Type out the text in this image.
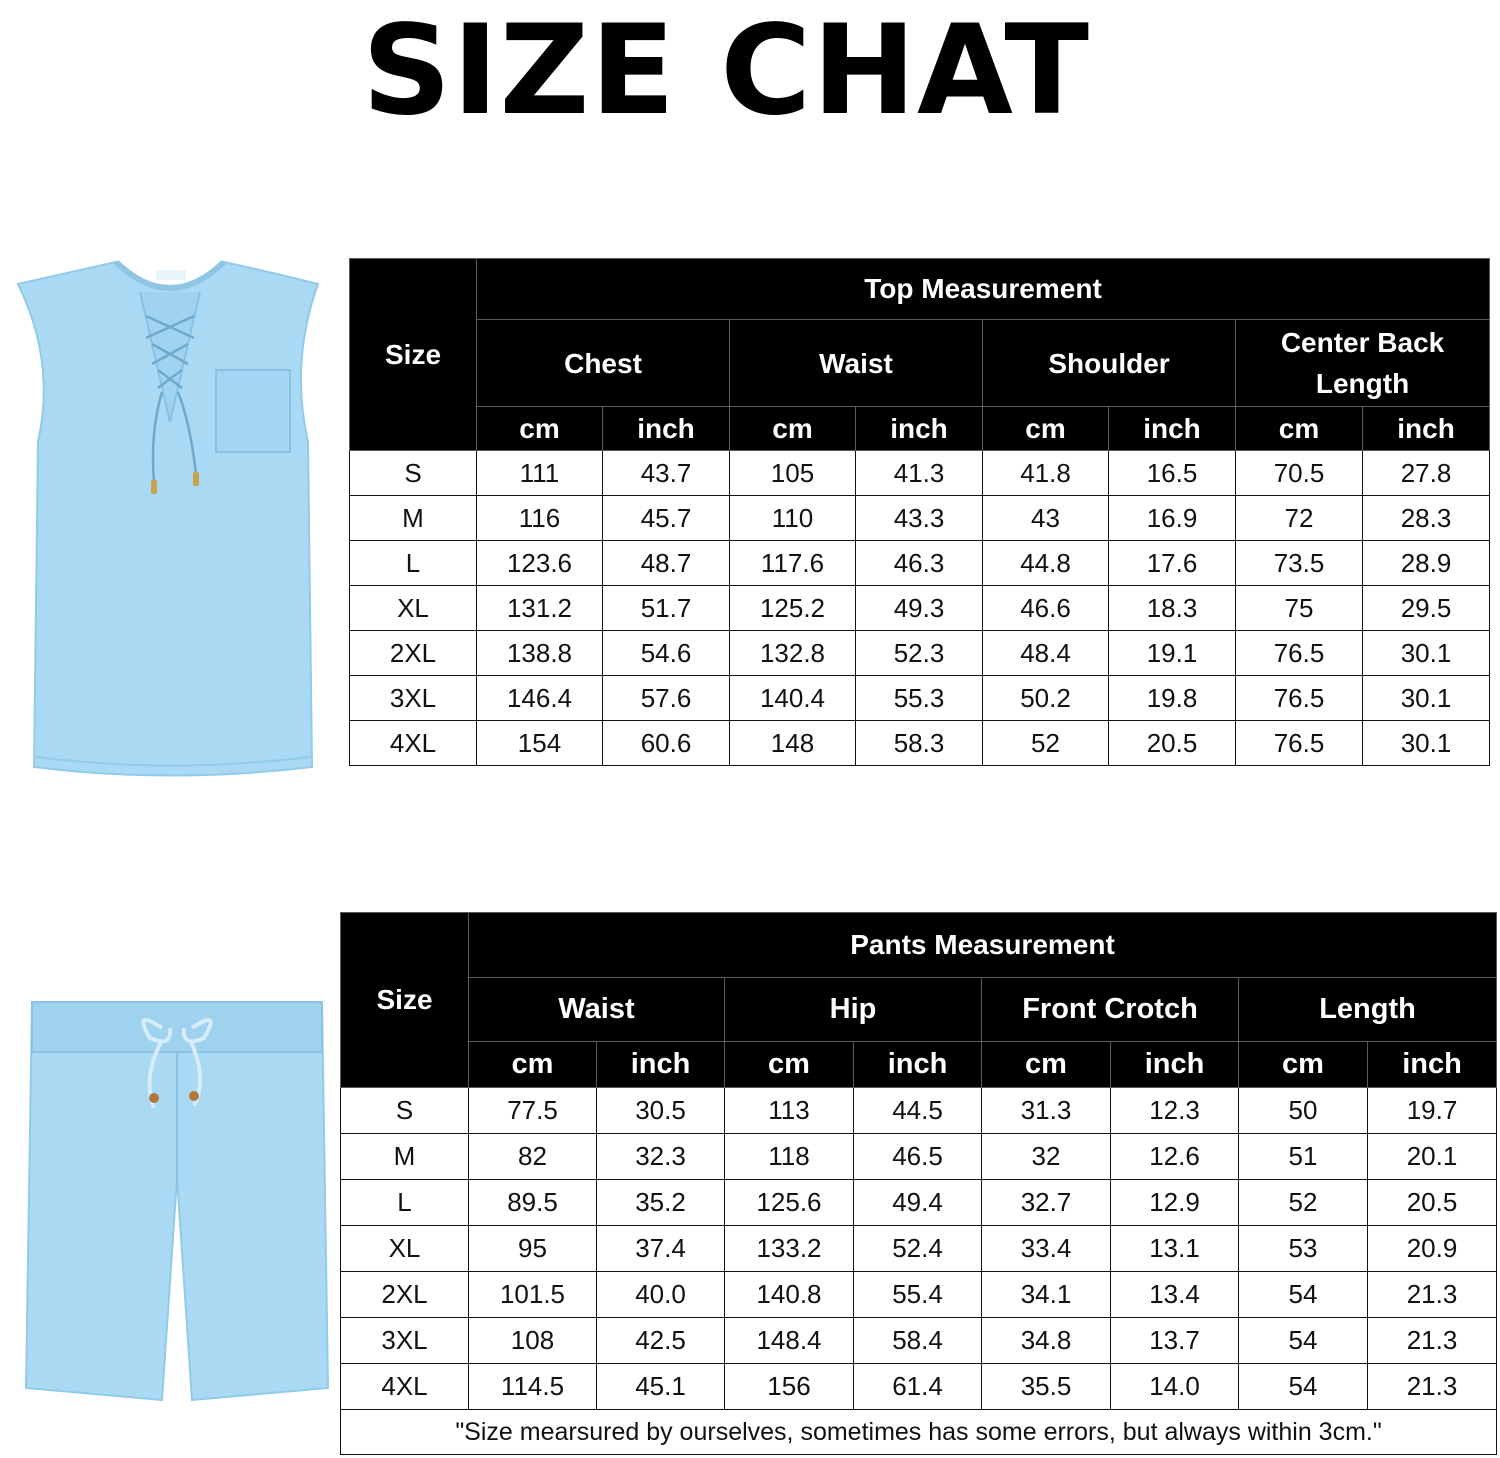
SIZE CHAT
Size	Top Measurement							
	Chest		Waist		Shoulder		Center Back Length	
	cm	inch	cm	inch	cm	inch	cm	inch
S	111	43.7	105	41.3	41.8	16.5	70.5	27.8
M	116	45.7	110	43.3	43	16.9	72	28.3
L	123.6	48.7	117.6	46.3	44.8	17.6	73.5	28.9
XL	131.2	51.7	125.2	49.3	46.6	18.3	75	29.5
2XL	138.8	54.6	132.8	52.3	48.4	19.1	76.5	30.1
3XL	146.4	57.6	140.4	55.3	50.2	19.8	76.5	30.1
4XL	154	60.6	148	58.3	52	20.5	76.5	30.1
Size	Pants Measurement							
	Waist		Hip		Front Crotch		Length	
	cm	inch	cm	inch	cm	inch	cm	inch
S	77.5	30.5	113	44.5	31.3	12.3	50	19.7
M	82	32.3	118	46.5	32	12.6	51	20.1
L	89.5	35.2	125.6	49.4	32.7	12.9	52	20.5
XL	95	37.4	133.2	52.4	33.4	13.1	53	20.9
2XL	101.5	40.0	140.8	55.4	34.1	13.4	54	21.3
3XL	108	42.5	148.4	58.4	34.8	13.7	54	21.3
4XL	114.5	45.1	156	61.4	35.5	14.0	54	21.3
"Size mearsured by ourselves, sometimes has some errors, but always within 3cm."								
